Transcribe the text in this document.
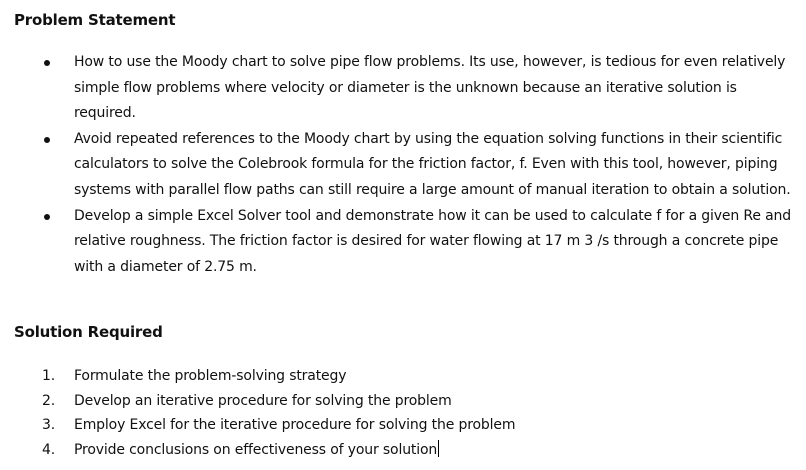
Problem Statement
How to use the Moody chart to solve pipe flow problems. Its use, however, is tedious for even relatively simple flow problems where velocity or diameter is the unknown because an iterative solution is required.
Avoid repeated references to the Moody chart by using the equation solving functions in their scientific calculators to solve the Colebrook formula for the friction factor, f. Even with this tool, however, piping systems with parallel flow paths can still require a large amount of manual iteration to obtain a solution.
Develop a simple Excel Solver tool and demonstrate how it can be used to calculate f for a given Re and relative roughness. The friction factor is desired for water flowing at 17 m 3 /s through a concrete pipe with a diameter of 2.75 m.
Solution Required
1. Formulate the problem-solving strategy
2. Develop an iterative procedure for solving the problem
3. Employ Excel for the iterative procedure for solving the problem
4. Provide conclusions on effectiveness of your solution
